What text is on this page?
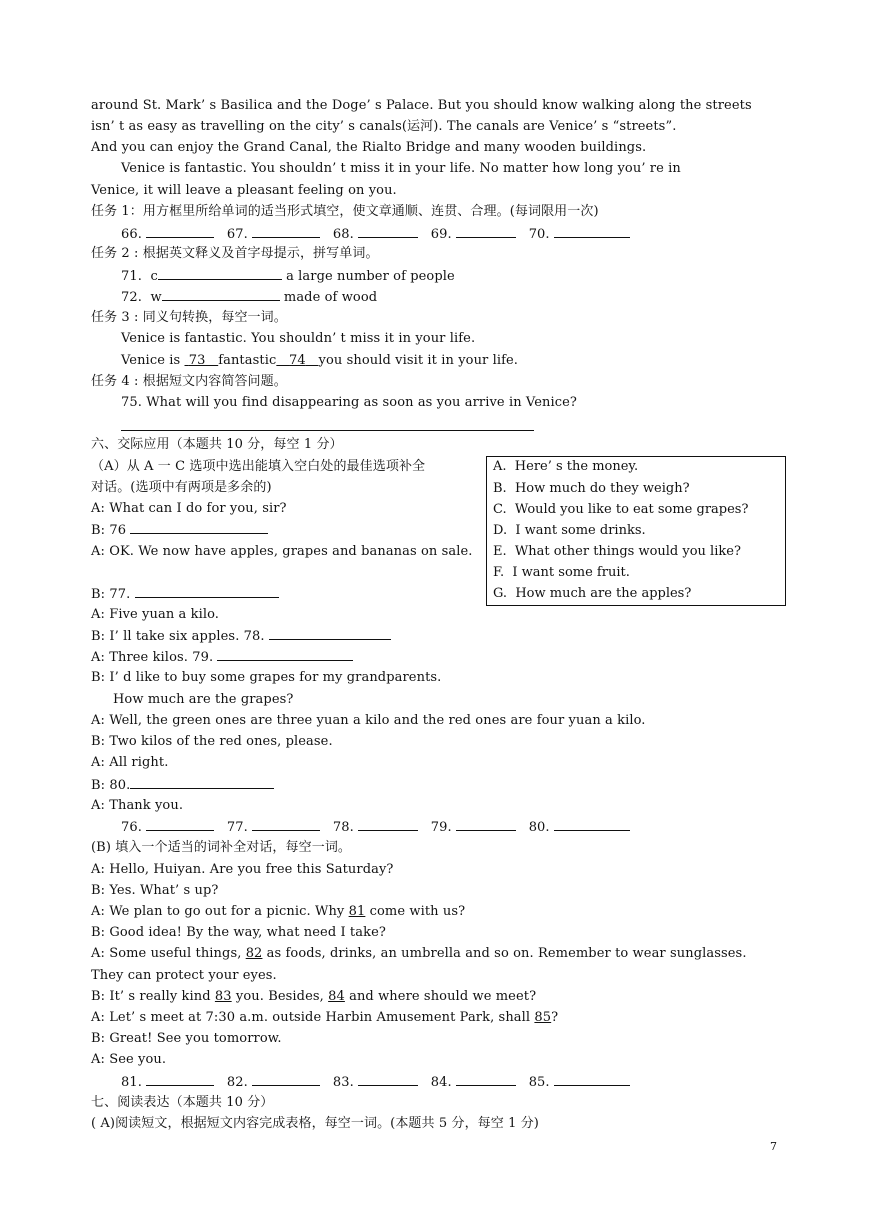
around St. Mark’ s Basilica and the Doge’ s Palace. But you should know walking along the streets
isn’ t as easy as travelling on the city’ s canals(运河). The canals are Venice’ s “streets”.
And you can enjoy the Grand Canal, the Rialto Bridge and many wooden buildings.
Venice is fantastic. You shouldn’ t miss it in your life. No matter how long you’ re in
Venice, it will leave a pleasant feeling on you.
任务 1：用方框里所给单词的适当形式填空，使文章通顺、连贯、合理。(每词限用一次)
66.	67.	68.	69.	70.
任务 2 : 根据英文释义及首字母提示，拼写单词。
71.  c	a large number of people
72.  w	made of wood
任务 3 : 同义句转换，每空一词。
Venice is fantastic. You shouldn’ t miss it in your life.
Venice is  73 fantastic 74 you should visit it in your life.
任务 4 : 根据短文内容简答问题。
75. What will you find disappearing as soon as you arrive in Venice?
六、交际应用（本题共 10 分，每空 1 分）
（A）从 A 一 C 选项中选出能填入空白处的最佳选项补全
对话。(选项中有两项是多余的)
A.  Here’ s the money.
B.  How much do they weigh?
C.  Would you like to eat some grapes?
D.  I want some drinks.
E.  What other things would you like?
F.  I want some fruit.
G.  How much are the apples?
A: What can I do for you, sir?
B: 76
A: OK. We now have apples, grapes and bananas on sale.
B: 77.
A: Five yuan a kilo.
B: I’ ll take six apples. 78.
A: Three kilos. 79.
B: I’ d like to buy some grapes for my grandparents.
How much are the grapes?
A: Well, the green ones are three yuan a kilo and the red ones are four yuan a kilo.
B: Two kilos of the red ones, please.
A: All right.
B: 80.
A: Thank you.
76.	77.	78.	79.	80.
(B) 填入一个适当的词补全对话，每空一词。
A: Hello, Huiyan. Are you free this Saturday?
B: Yes. What’ s up?
A: We plan to go out for a picnic. Why 81 come with us?
B: Good idea! By the way, what need I take?
A: Some useful things, 82 as foods, drinks, an umbrella and so on. Remember to wear sunglasses.
They can protect your eyes.
B: It’ s really kind 83 you. Besides, 84 and where should we meet?
A: Let’ s meet at 7:30 a.m. outside Harbin Amusement Park, shall 85?
B: Great! See you tomorrow.
A: See you.
81.	82.	83.	84.	85.
七、阅读表达（本题共 10 分）
( A)阅读短文，根据短文内容完成表格，每空一词。(本题共 5 分，每空 1 分)
7
